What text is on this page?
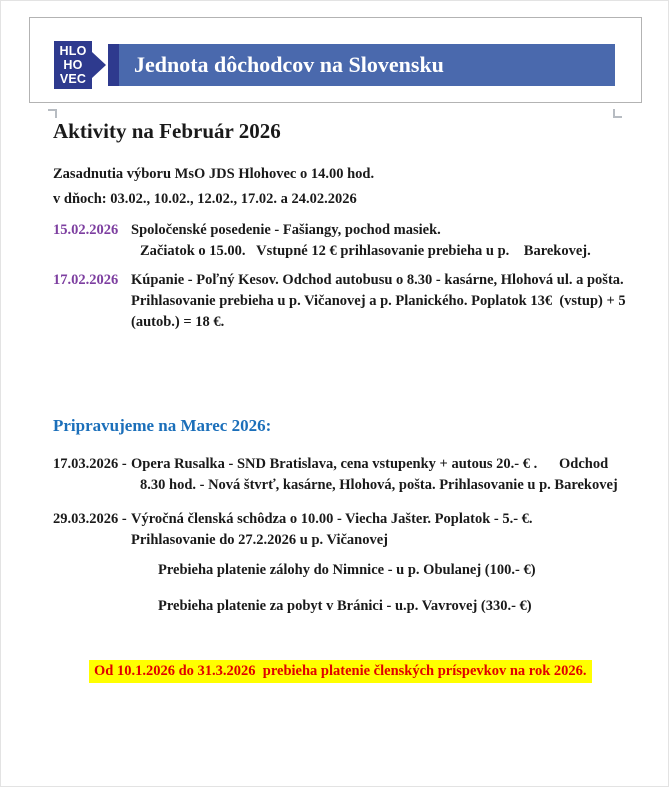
HLO
HO
VEC
Jednota dôchodcov na Slovensku
Aktivity na Február 2026
Zasadnutia výboru MsO JDS Hlohovec o 14.00 hod.
v dňoch: 03.02., 10.02., 12.02., 17.02. a 24.02.2026
15.02.2026 Spoločenské posedenie - Fašiangy, pochod masiek.
Začiatok o 15.00.   Vstupné 12 € prihlasovanie prebieha u p.    Barekovej.
17.02.2026 Kúpanie - Poľný Kesov. Odchod autobusu o 8.30 - kasárne, Hlohová ul. a pošta.
Prihlasovanie prebieha u p. Vičanovej a p. Planického. Poplatok 13€  (vstup) + 5
(autob.) = 18 €.
Pripravujeme na Marec 2026:
17.03.2026 - Opera Rusalka - SND Bratislava, cena vstupenky + autous 20.- € .      Odchod
8.30 hod. - Nová štvrť, kasárne, Hlohová, pošta. Prihlasovanie u p. Barekovej
29.03.2026 - Výročná členská schôdza o 10.00 - Viecha Jašter. Poplatok - 5.- €.
Prihlasovanie do 27.2.2026 u p. Vičanovej
Prebieha platenie zálohy do Nimnice - u p. Obulanej (100.- €)
Prebieha platenie za pobyt v Bránici - u.p. Vavrovej (330.- €)
Od 10.1.2026 do 31.3.2026  prebieha platenie členských príspevkov na rok 2026.
